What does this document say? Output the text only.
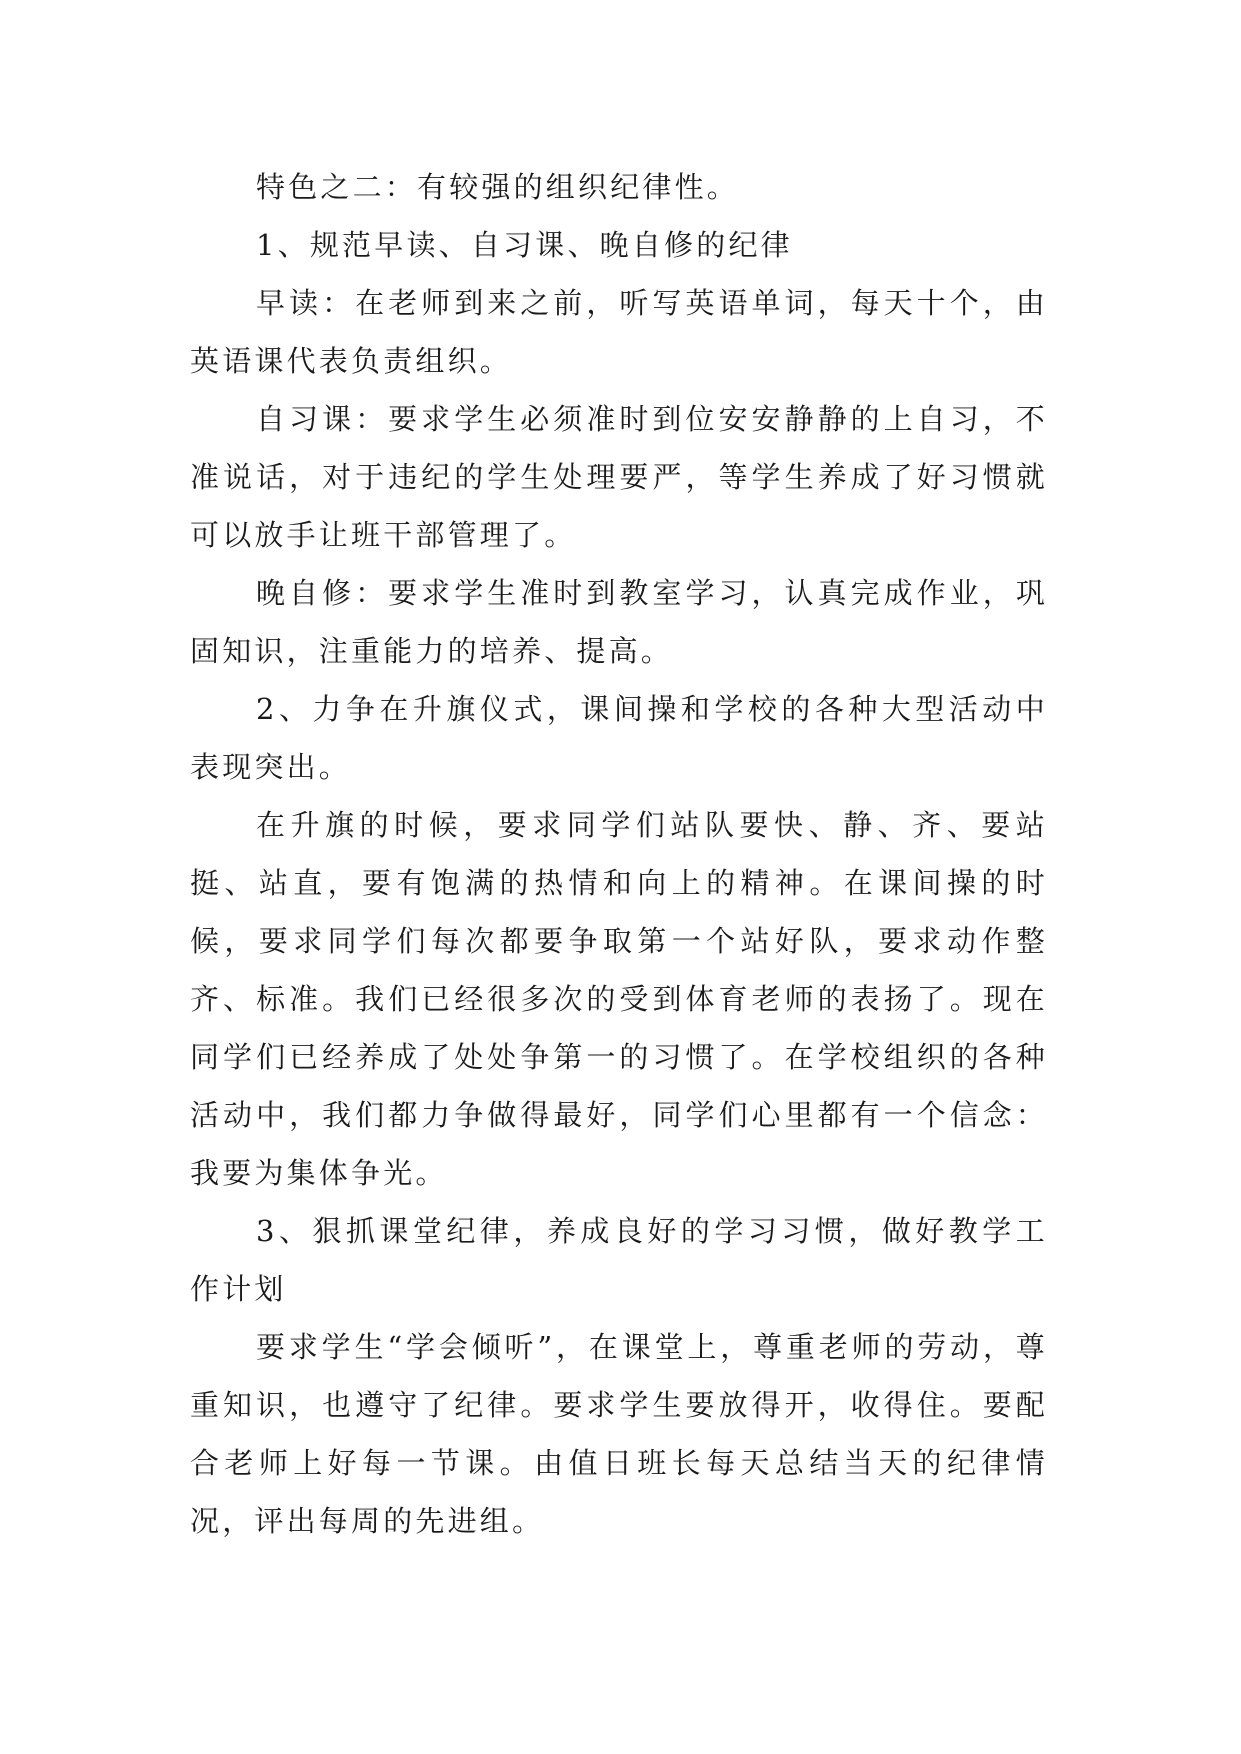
特色之二：有较强的组织纪律性。

1、规范早读、自习课、晚自修的纪律

早读：在老师到来之前，听写英语单词，每天十个，由英语课代表负责组织。

自习课：要求学生必须准时到位安安静静的上自习，不准说话，对于违纪的学生处理要严，等学生养成了好习惯就可以放手让班干部管理了。

晚自修：要求学生准时到教室学习，认真完成作业，巩固知识，注重能力的培养、提高。

2、力争在升旗仪式，课间操和学校的各种大型活动中表现突出。

在升旗的时候，要求同学们站队要快、静、齐、要站挺、站直，要有饱满的热情和向上的精神。在课间操的时候，要求同学们每次都要争取第一个站好队，要求动作整齐、标准。我们已经很多次的受到体育老师的表扬了。现在同学们已经养成了处处争第一的习惯了。在学校组织的各种活动中，我们都力争做得最好，同学们心里都有一个信念：我要为集体争光。

3、狠抓课堂纪律，养成良好的学习习惯，做好教学工作计划

要求学生“学会倾听”，在课堂上，尊重老师的劳动，尊重知识，也遵守了纪律。要求学生要放得开，收得住。要配合老师上好每一节课。由值日班长每天总结当天的纪律情况，评出每周的先进组。
